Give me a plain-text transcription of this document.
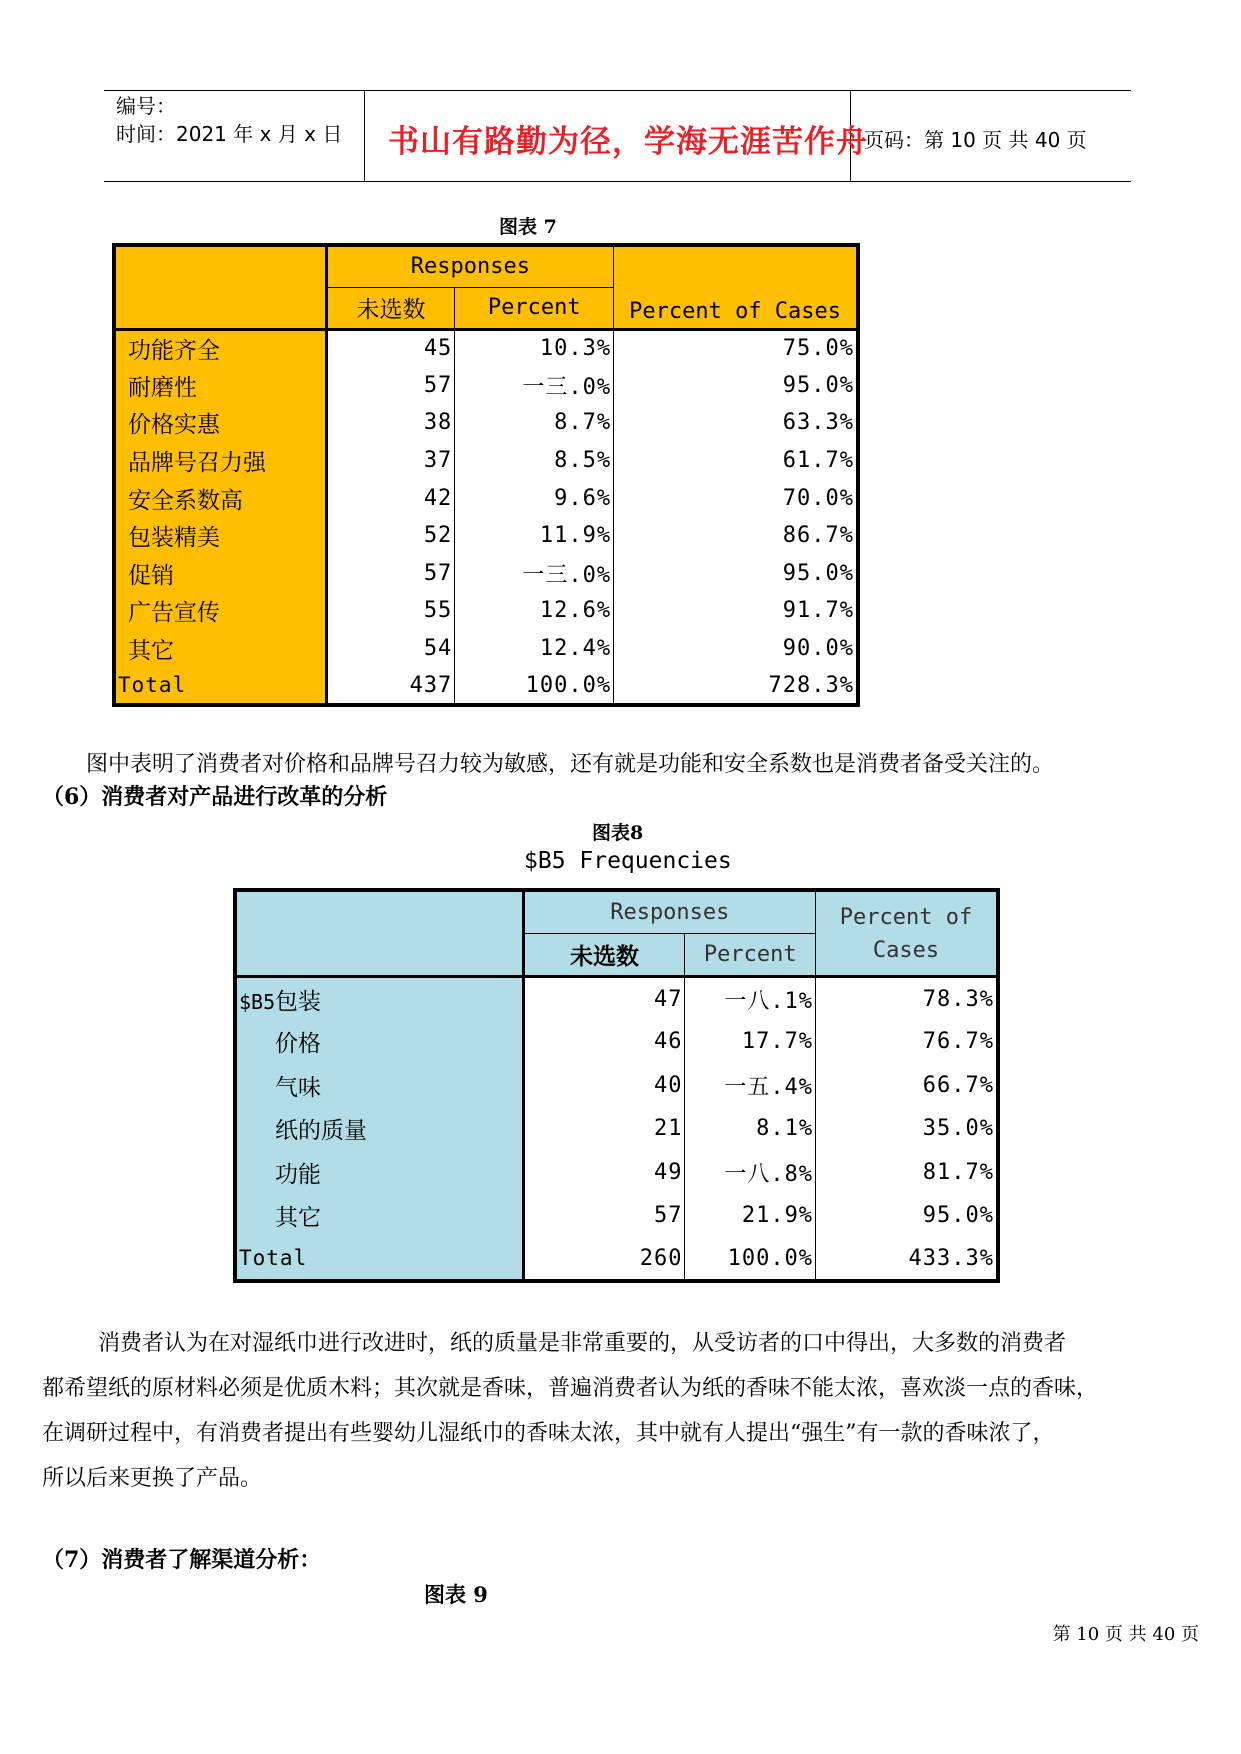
编号：
时间：2021 年 x 月 x 日 书山有路勤为径，学海无涯苦作舟
页码：第 10 页 共 40 页
图表 7
	Responses		Percent of Cases
	未选数	Percent	
功能齐全	45	10.3%	75.0%
耐磨性	57	一三.0%	95.0%
价格实惠	38	8.7%	63.3%
品牌号召力强	37	8.5%	61.7%
安全系数高	42	9.6%	70.0%
包装精美	52	11.9%	86.7%
促销	57	一三.0%	95.0%
广告宣传	55	12.6%	91.7%
其它	54	12.4%	90.0%
Total	437	100.0%	728.3%
图中表明了消费者对价格和品牌号召力较为敏感，还有就是功能和安全系数也是消费者备受关注的。
（6）消费者对产品进行改革的分析
图表8
$B5 Frequencies
	Responses		Percent of Cases
	未选数	Percent	
$B5包装	47	一八.1%	78.3%
价格	46	17.7%	76.7%
气味	40	一五.4%	66.7%
纸的质量	21	8.1%	35.0%
功能	49	一八.8%	81.7%
其它	57	21.9%	95.0%
Total	260	100.0%	433.3%
消费者认为在对湿纸巾进行改进时，纸的质量是非常重要的，从受访者的口中得出，大多数的消费者
都希望纸的原材料必须是优质木料；其次就是香味，普遍消费者认为纸的香味不能太浓，喜欢淡一点的香味，
在调研过程中，有消费者提出有些婴幼儿湿纸巾的香味太浓，其中就有人提出“强生”有一款的香味浓了，
所以后来更换了产品。
（7）消费者了解渠道分析：
图表 9
第 10 页 共 40 页
